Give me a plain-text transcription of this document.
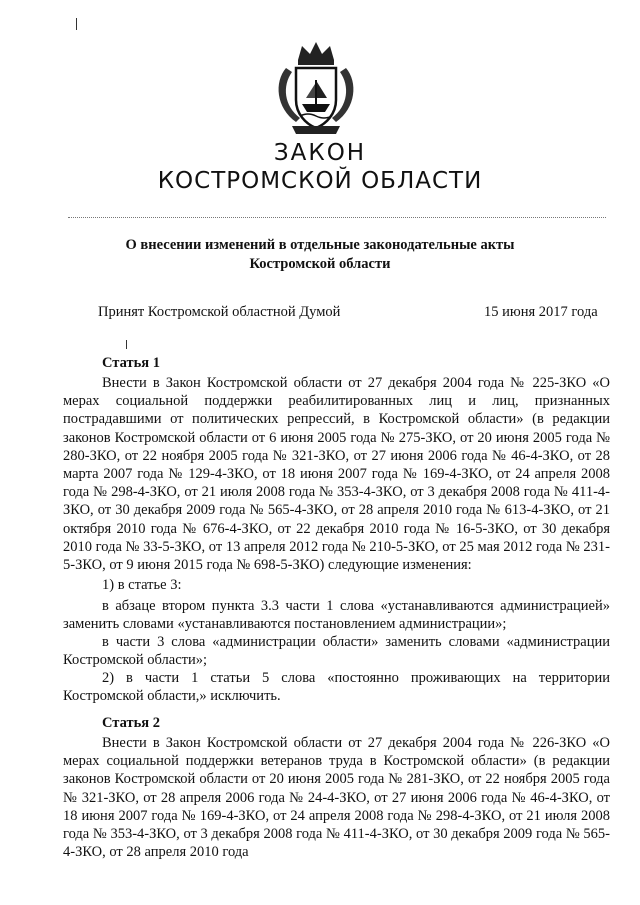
ЗАКОН
КОСТРОМСКОЙ ОБЛАСТИ
О внесении изменений в отдельные законодательные акты
Костромской области
Принят Костромской областной Думой	15 июня 2017 года
Статья 1

Внести в Закон Костромской области от 27 декабря 2004 года № 225-ЗКО «О мерах социальной поддержки реабилитированных лиц и лиц, признанных пострадавшими от политических репрессий, в Костромской области» (в редакции законов Костромской области от 6 июня 2005 года № 275-ЗКО, от 20 июня 2005 года № 280-ЗКО, от 22 ноября 2005 года № 321-ЗКО, от 27 июня 2006 года № 46-4-ЗКО, от 28 марта 2007 года № 129-4-ЗКО, от 18 июня 2007 года № 169-4-ЗКО, от 24 апреля 2008 года № 298-4-ЗКО, от 21 июля 2008 года № 353-4-ЗКО, от 3 декабря 2008 года № 411-4-ЗКО, от 30 декабря 2009 года № 565-4-ЗКО, от 28 апреля 2010 года № 613-4-ЗКО, от 21 октября 2010 года № 676-4-ЗКО, от 22 декабря 2010 года № 16-5-ЗКО, от 30 декабря 2010 года № 33-5-ЗКО, от 13 апреля 2012 года № 210-5-ЗКО, от 25 мая 2012 года № 231-5-ЗКО, от 9 июня 2015 года № 698-5-ЗКО) следующие изменения:

1) в статье 3:

в абзаце втором пункта 3.3 части 1 слова «устанавливаются администрацией» заменить словами «устанавливаются постановлением администрации»;

в части 3 слова «администрации области» заменить словами «администрации Костромской области»;

2) в части 1 статьи 5 слова «постоянно проживающих на территории Костромской области,» исключить.

Статья 2

Внести в Закон Костромской области от 27 декабря 2004 года № 226-ЗКО «О мерах социальной поддержки ветеранов труда в Костромской области» (в редакции законов Костромской области от 20 июня 2005 года № 281-ЗКО, от 22 ноября 2005 года № 321-ЗКО, от 28 апреля 2006 года № 24-4-ЗКО, от 27 июня 2006 года № 46-4-ЗКО, от 18 июня 2007 года № 169-4-ЗКО, от 24 апреля 2008 года № 298-4-ЗКО, от 21 июля 2008 года № 353-4-ЗКО, от 3 декабря 2008 года № 411-4-ЗКО, от 30 декабря 2009 года № 565-4-ЗКО, от 28 апреля 2010 года
